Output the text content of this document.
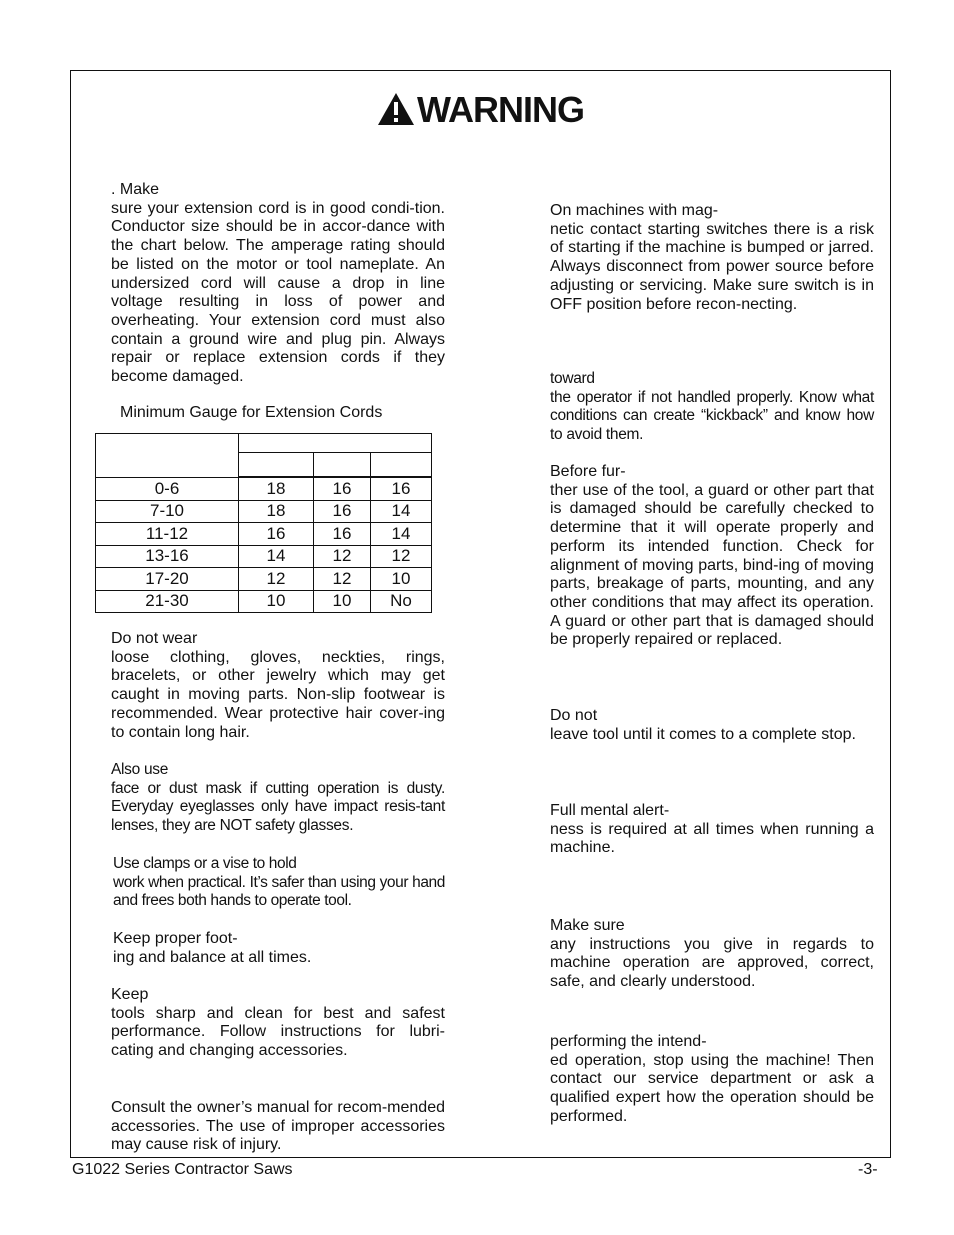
WARNING

. Make

sure your extension cord is in good condi-tion. Conductor size should be in accor-dance with the chart below. The amperage rating should be listed on the motor or tool nameplate. An undersized cord will cause a drop in line voltage resulting in loss of power and overheating. Your extension cord must also contain a ground wire and plug pin. Always repair or replace extension cords if they become damaged.

Do not wear

loose clothing, gloves, neckties, rings, bracelets, or other jewelry which may get caught in moving parts. Non-slip footwear is recommended. Wear protective hair cover-ing to contain long hair.

Also use

face or dust mask if cutting operation is dusty. Everyday eyeglasses only have impact resis-tant lenses, they are NOT safety glasses.

Use clamps or a vise to hold

work when practical. It’s safer than using your hand and frees both hands to operate tool.

Keep proper foot-

ing and balance at all times.

Keep

tools sharp and clean for best and safest performance. Follow instructions for lubri-cating and changing accessories.

Consult the owner’s manual for recom-mended accessories. The use of improper accessories may cause risk of injury.

On machines with mag-

netic contact starting switches there is a risk of starting if the machine is bumped or jarred. Always disconnect from power source before adjusting or servicing. Make sure switch is in OFF position before recon-necting.

toward

the operator if not handled properly. Know what conditions can create “kickback” and know how to avoid them.

Before fur-

ther use of the tool, a guard or other part that is damaged should be carefully checked to determine that it will operate properly and perform its intended function. Check for alignment of moving parts, bind-ing of moving parts, breakage of parts, mounting, and any other conditions that may affect its operation. A guard or other part that is damaged should be properly repaired or replaced.

Do not

leave tool until it comes to a complete stop.

Full mental alert-

ness is required at all times when running a machine.

Make sure

any instructions you give in regards to machine operation are approved, correct, safe, and clearly understood.

performing the intend-

ed operation, stop using the machine! Then contact our service department or ask a qualified expert how the operation should be performed.

Minimum Gauge for Extension Cords

0-6	18	16	16
7-10	18	16	14
11-12	16	16	14
13-16	14	12	12
17-20	12	12	10
21-30	10	10	No
G1022 Series Contractor Saws	-3-
